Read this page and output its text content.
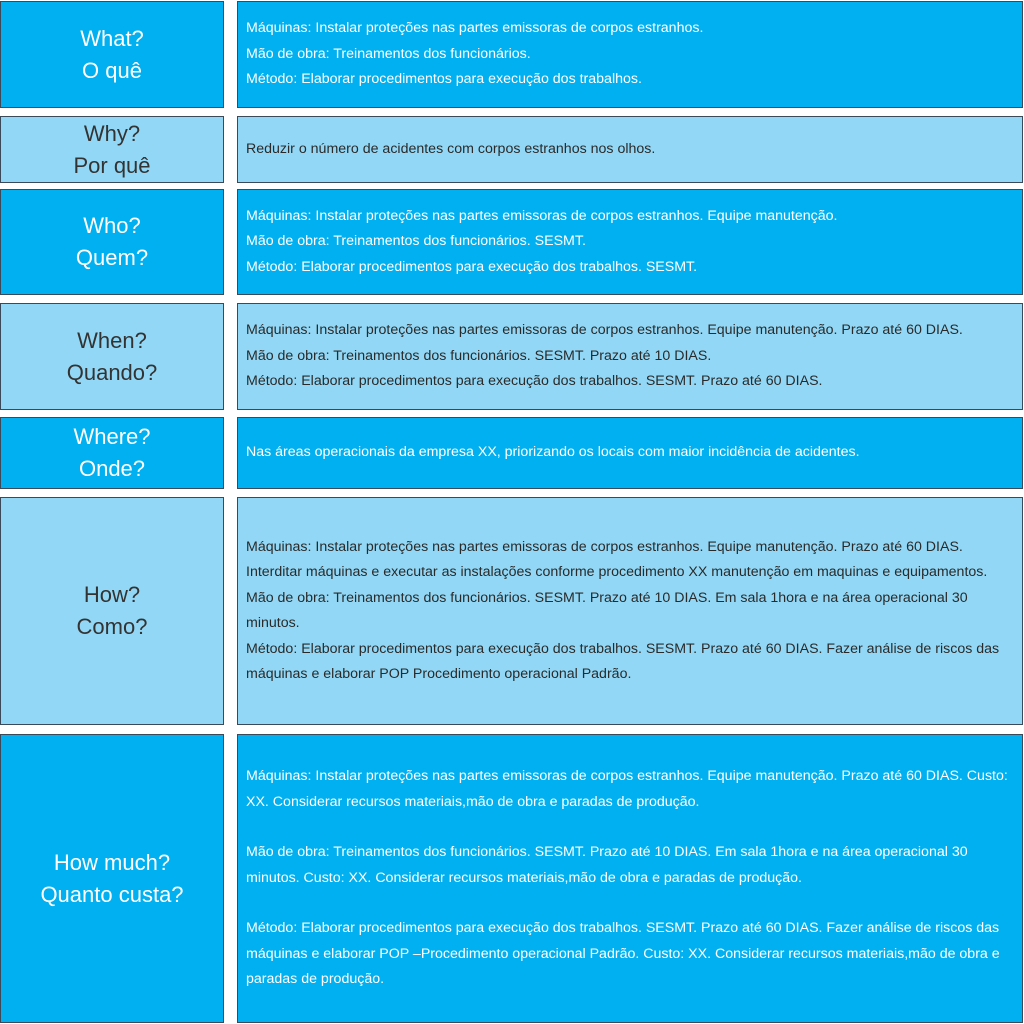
What?
O quê
Máquinas: Instalar proteções nas partes emissoras de corpos estranhos.
Mão de obra: Treinamentos dos funcionários.
Método: Elaborar procedimentos para execução dos trabalhos.
Why?
Por quê
Reduzir o número de acidentes com corpos estranhos nos olhos.
Who?
Quem?
Máquinas: Instalar proteções nas partes emissoras de corpos estranhos. Equipe manutenção.
Mão de obra: Treinamentos dos funcionários. SESMT.
Método: Elaborar procedimentos para execução dos trabalhos. SESMT.
When?
Quando?
Máquinas: Instalar proteções nas partes emissoras de corpos estranhos. Equipe manutenção. Prazo até 60 DIAS.
Mão de obra: Treinamentos dos funcionários. SESMT. Prazo até 10 DIAS.
Método: Elaborar procedimentos para execução dos trabalhos. SESMT. Prazo até 60 DIAS.
Where?
Onde?
Nas áreas operacionais da empresa XX, priorizando os locais com maior incidência de acidentes.
How?
Como?
Máquinas: Instalar proteções nas partes emissoras de corpos estranhos. Equipe manutenção. Prazo até 60 DIAS. Interditar máquinas e executar as instalações conforme procedimento XX manutenção em maquinas e equipamentos.
Mão de obra: Treinamentos dos funcionários. SESMT. Prazo até 10 DIAS. Em sala 1hora e na área operacional 30 minutos.
Método: Elaborar procedimentos para execução dos trabalhos. SESMT. Prazo até 60 DIAS. Fazer análise de riscos das máquinas e elaborar POP Procedimento operacional Padrão.
How much?
Quanto custa?
Máquinas: Instalar proteções nas partes emissoras de corpos estranhos. Equipe manutenção. Prazo até 60 DIAS. Custo: XX. Considerar recursos materiais,mão de obra e paradas de produção.
Mão de obra: Treinamentos dos funcionários. SESMT. Prazo até 10 DIAS. Em sala 1hora e na área operacional 30 minutos. Custo: XX. Considerar recursos materiais,mão de obra e paradas de produção.
Método: Elaborar procedimentos para execução dos trabalhos. SESMT. Prazo até 60 DIAS. Fazer análise de riscos das máquinas e elaborar POP –Procedimento operacional Padrão. Custo: XX. Considerar recursos materiais,mão de obra e paradas de produção.
